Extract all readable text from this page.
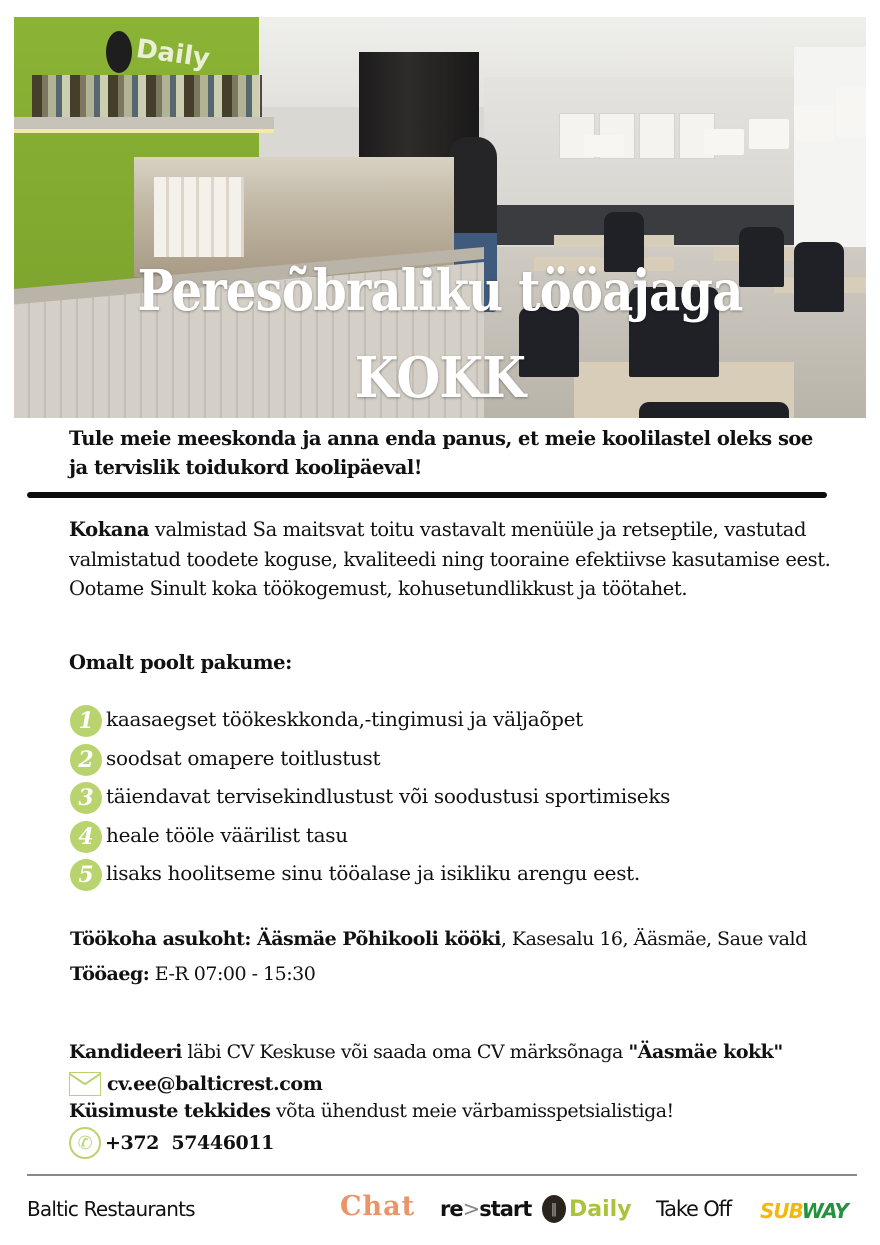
Daily
Peresõbraliku tööajaga
KOKK
Tule meie meeskonda ja anna enda panus, et meie koolilastel oleks soe ja tervislik toidukord koolipäeval!
Kokana valmistad Sa maitsvat toitu vastavalt menüüle ja retseptile, vastutad valmistatud toodete koguse, kvaliteedi ning tooraine efektiivse kasutamise eest.
Ootame Sinult koka töökogemust, kohusetundlikkust ja töötahet.
Omalt poolt pakume:
1 kaasaegset töökeskkonda,-tingimusi ja väljaõpet
2 soodsat omapere toitlustust
3 täiendavat tervisekindlustust või soodustusi sportimiseks
4 heale tööle väärilist tasu
5 lisaks hoolitseme sinu tööalase ja isikliku arengu eest.
Töökoha asukoht: Ääsmäe Põhikooli kööki, Kasesalu 16, Ääsmäe, Saue vald
Tööaeg: E-R 07:00 - 15:30
Kandideeri läbi CV Keskuse või saada oma CV märksõnaga "Äasmäe kokk"
cv.ee@balticrest.com
Küsimuste tekkides võta ühendust meie värbamisspetsialistiga!
✆ +372  57446011
Baltic Restaurants	Chat re>start	‖ Daily Take Off SUBWAY
